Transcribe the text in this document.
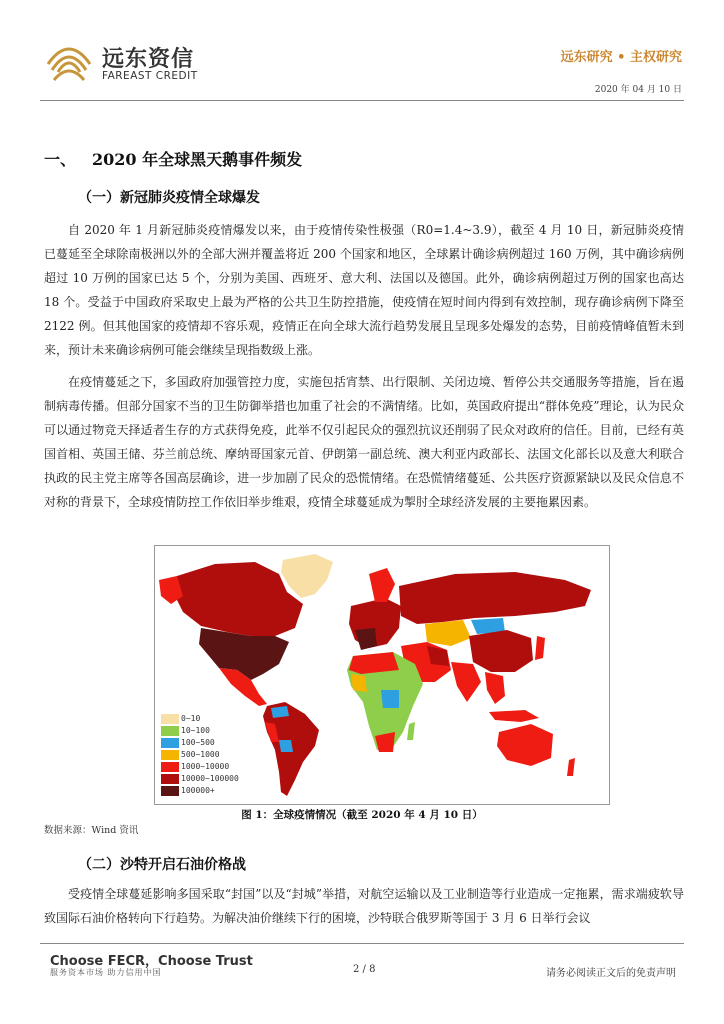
远东资信
FAREAST CREDIT
远东研究 • 主权研究
2020 年 04 月 10 日
一、 2020 年全球黑天鹅事件频发
（一）新冠肺炎疫情全球爆发
自 2020 年 1 月新冠肺炎疫情爆发以来，由于疫情传染性极强（R0=1.4~3.9），截至 4 月 10 日，新冠肺炎疫情已蔓延至全球除南极洲以外的全部大洲并覆盖将近 200 个国家和地区，全球累计确诊病例超过 160 万例，其中确诊病例超过 10 万例的国家已达 5 个，分别为美国、西班牙、意大利、法国以及德国。此外，确诊病例超过万例的国家也高达 18 个。受益于中国政府采取史上最为严格的公共卫生防控措施，使疫情在短时间内得到有效控制，现存确诊病例下降至 2122 例。但其他国家的疫情却不容乐观，疫情正在向全球大流行趋势发展且呈现多处爆发的态势，目前疫情峰值暂未到来，预计未来确诊病例可能会继续呈现指数级上涨。
在疫情蔓延之下，多国政府加强管控力度，实施包括宵禁、出行限制、关闭边境、暂停公共交通服务等措施，旨在遏制病毒传播。但部分国家不当的卫生防御举措也加重了社会的不满情绪。比如，英国政府提出“群体免疫”理论，认为民众可以通过物竞天择适者生存的方式获得免疫，此举不仅引起民众的强烈抗议还削弱了民众对政府的信任。目前，已经有英国首相、英国王储、芬兰前总统、摩纳哥国家元首、伊朗第一副总统、澳大利亚内政部长、法国文化部长以及意大利联合执政的民主党主席等各国高层确诊，进一步加剧了民众的恐慌情绪。在恐慌情绪蔓延、公共医疗资源紧缺以及民众信息不对称的背景下，全球疫情防控工作依旧举步维艰，疫情全球蔓延成为掣肘全球经济发展的主要拖累因素。
0~10
10~100
100~500
500~1000
1000~10000
10000~100000
100000+
图 1：全球疫情情况（截至 2020 年 4 月 10 日）
数据来源：Wind 资讯
（二）沙特开启石油价格战
受疫情全球蔓延影响多国采取“封国”以及“封城”举措，对航空运输以及工业制造等行业造成一定拖累，需求端疲软导致国际石油价格转向下行趋势。为解决油价继续下行的困境，沙特联合俄罗斯等国于 3 月 6 日举行会议
Choose FECR，Choose Trust
服务资本市场 助力信用中国	2 / 8	请务必阅读正文后的免责声明
